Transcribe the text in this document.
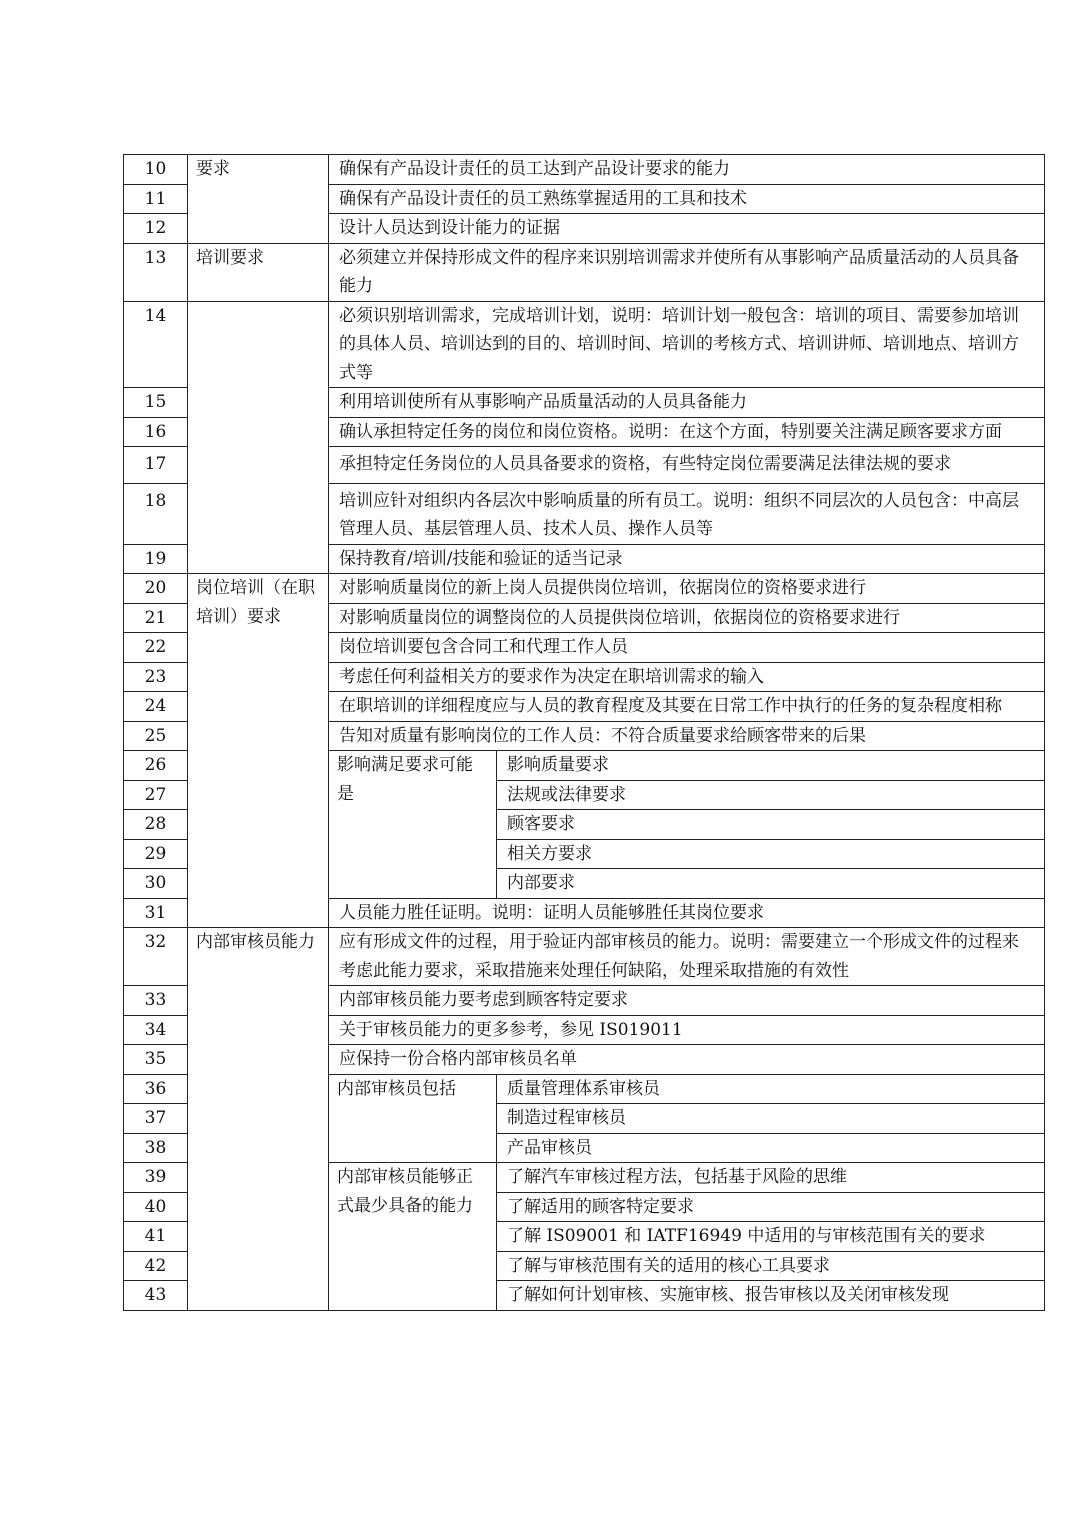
10	要求	确保有产品设计责任的员工达到产品设计要求的能力	
11		确保有产品设计责任的员工熟练掌握适用的工具和技术	
12		设计人员达到设计能力的证据	
13	培训要求	必须建立并保持形成文件的程序来识别培训需求并使所有从事影响产品质量活动的人员具备能力	
14		必须识别培训需求，完成培训计划，说明：培训计划一般包含：培训的项目、需要参加培训的具体人员、培训达到的目的、培训时间、培训的考核方式、培训讲师、培训地点、培训方式等	
15		利用培训使所有从事影响产品质量活动的人员具备能力	
16		确认承担特定任务的岗位和岗位资格。说明：在这个方面，特别要关注满足顾客要求方面	
17		承担特定任务岗位的人员具备要求的资格，有些特定岗位需要满足法律法规的要求	
18		培训应针对组织内各层次中影响质量的所有员工。说明：组织不同层次的人员包含：中高层管理人员、基层管理人员、技术人员、操作人员等	
19		保持教育/培训/技能和验证的适当记录	
20	岗位培训（在职培训）要求	对影响质量岗位的新上岗人员提供岗位培训，依据岗位的资格要求进行	
21		对影响质量岗位的调整岗位的人员提供岗位培训，依据岗位的资格要求进行	
22		岗位培训要包含合同工和代理工作人员	
23		考虑任何利益相关方的要求作为决定在职培训需求的输入	
24		在职培训的详细程度应与人员的教育程度及其要在日常工作中执行的任务的复杂程度相称	
25		告知对质量有影响岗位的工作人员：不符合质量要求给顾客带来的后果	
26		影响满足要求可能是	影响质量要求
27			法规或法律要求
28			顾客要求
29			相关方要求
30			内部要求
31		人员能力胜任证明。说明：证明人员能够胜任其岗位要求	
32	内部审核员能力	应有形成文件的过程，用于验证内部审核员的能力。说明：需要建立一个形成文件的过程来考虑此能力要求，采取措施来处理任何缺陷，处理采取措施的有效性	
33		内部审核员能力要考虑到顾客特定要求	
34		关于审核员能力的更多参考，参见 IS019011	
35		应保持一份合格内部审核员名单	
36		内部审核员包括	质量管理体系审核员
37			制造过程审核员
38			产品审核员
39		内部审核员能够正式最少具备的能力	了解汽车审核过程方法，包括基于风险的思维
40			了解适用的顾客特定要求
41			了解 IS09001 和 IATF16949 中适用的与审核范围有关的要求
42			了解与审核范围有关的适用的核心工具要求
43			了解如何计划审核、实施审核、报告审核以及关闭审核发现
